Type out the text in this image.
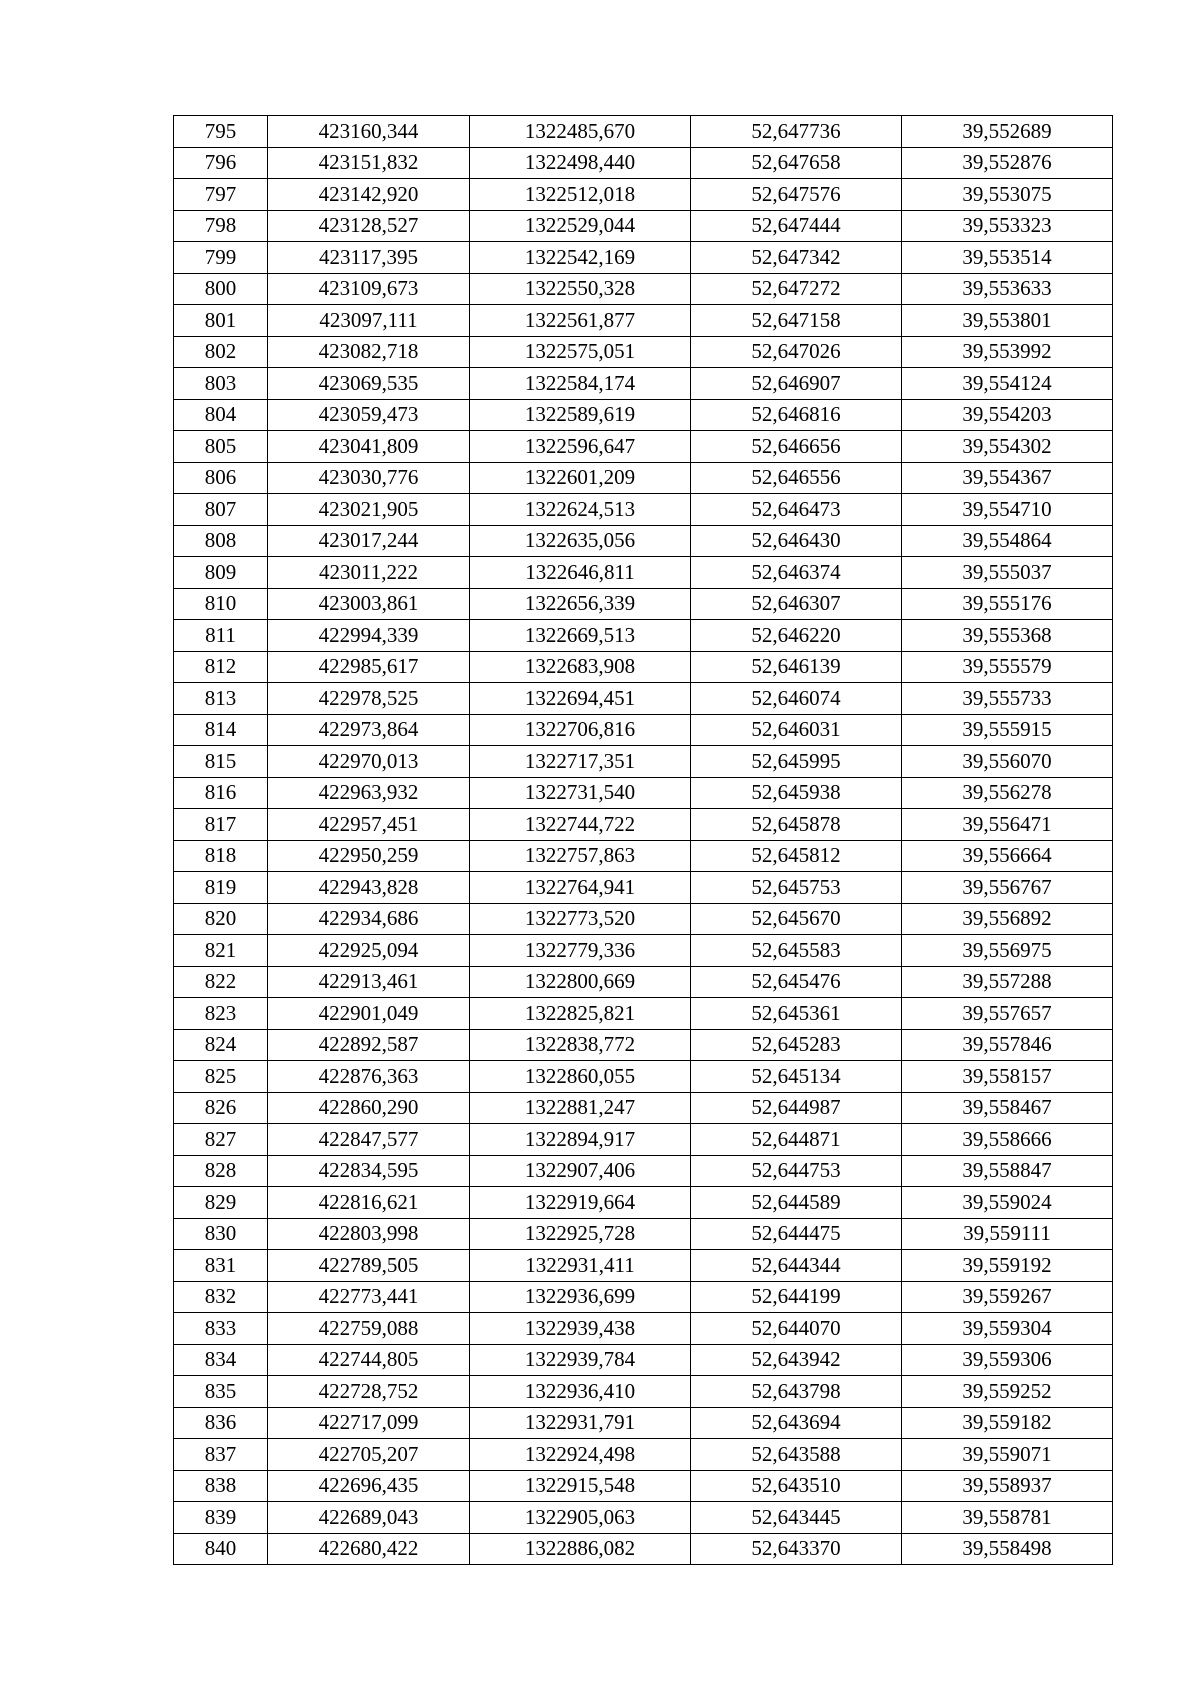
795	423160,344	1322485,670	52,647736	39,552689
796	423151,832	1322498,440	52,647658	39,552876
797	423142,920	1322512,018	52,647576	39,553075
798	423128,527	1322529,044	52,647444	39,553323
799	423117,395	1322542,169	52,647342	39,553514
800	423109,673	1322550,328	52,647272	39,553633
801	423097,111	1322561,877	52,647158	39,553801
802	423082,718	1322575,051	52,647026	39,553992
803	423069,535	1322584,174	52,646907	39,554124
804	423059,473	1322589,619	52,646816	39,554203
805	423041,809	1322596,647	52,646656	39,554302
806	423030,776	1322601,209	52,646556	39,554367
807	423021,905	1322624,513	52,646473	39,554710
808	423017,244	1322635,056	52,646430	39,554864
809	423011,222	1322646,811	52,646374	39,555037
810	423003,861	1322656,339	52,646307	39,555176
811	422994,339	1322669,513	52,646220	39,555368
812	422985,617	1322683,908	52,646139	39,555579
813	422978,525	1322694,451	52,646074	39,555733
814	422973,864	1322706,816	52,646031	39,555915
815	422970,013	1322717,351	52,645995	39,556070
816	422963,932	1322731,540	52,645938	39,556278
817	422957,451	1322744,722	52,645878	39,556471
818	422950,259	1322757,863	52,645812	39,556664
819	422943,828	1322764,941	52,645753	39,556767
820	422934,686	1322773,520	52,645670	39,556892
821	422925,094	1322779,336	52,645583	39,556975
822	422913,461	1322800,669	52,645476	39,557288
823	422901,049	1322825,821	52,645361	39,557657
824	422892,587	1322838,772	52,645283	39,557846
825	422876,363	1322860,055	52,645134	39,558157
826	422860,290	1322881,247	52,644987	39,558467
827	422847,577	1322894,917	52,644871	39,558666
828	422834,595	1322907,406	52,644753	39,558847
829	422816,621	1322919,664	52,644589	39,559024
830	422803,998	1322925,728	52,644475	39,559111
831	422789,505	1322931,411	52,644344	39,559192
832	422773,441	1322936,699	52,644199	39,559267
833	422759,088	1322939,438	52,644070	39,559304
834	422744,805	1322939,784	52,643942	39,559306
835	422728,752	1322936,410	52,643798	39,559252
836	422717,099	1322931,791	52,643694	39,559182
837	422705,207	1322924,498	52,643588	39,559071
838	422696,435	1322915,548	52,643510	39,558937
839	422689,043	1322905,063	52,643445	39,558781
840	422680,422	1322886,082	52,643370	39,558498
